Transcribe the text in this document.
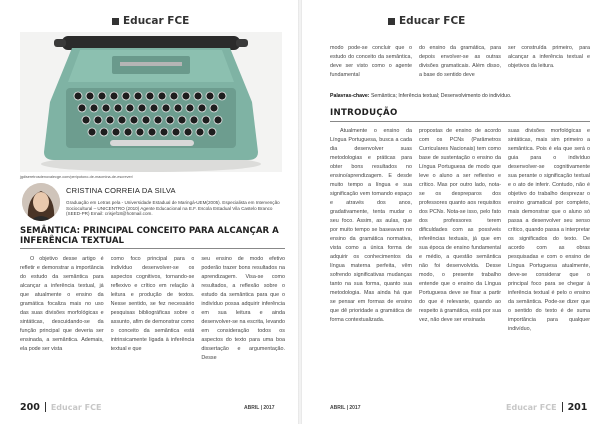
Educar FCE
jgdiseretrosdenovalecge.com/peripotono-de-macmina-de-escrever/
CRISTINA CORREIA DA SILVA
Graduação em Letras pela - Universidade Estadual de Maringá-UEM(2005). Especialista em Intervenção Sociocultural – UNICENTRO (2010) Agente Educacional na E.F. Escola Estadual Vila Castelo Branco (SEED-PR) Email: crisjef18@hotmail.com.
SEMÂNTICA: PRINCIPAL CONCEITO PARA ALCANÇAR A INFERÊNCIA TEXTUAL

O objetivo desse artigo é refletir e demonstrar a importância do estudo da semântica para alcançar a inferência textual, já que atualmente o ensino da gramática focaliza mais no uso das suas divisões morfológicas e sintáticas, descuidando-se da função principal que deveria ser ensinada, a semântica. Ademais, ela pode ser vista

como foco principal para o indivíduo desenvolver-se os aspectos cognitivos, tornando-se reflexivo e crítico em relação à leitura e produção de textos. Nesse sentido, se fez necessário pesquisas bibliográficas sobre o assunto, afim de demonstrar como o conceito da semântica está intrinsicamente ligada à inferência textual e que

seu ensino de modo efetivo poderão trazer bons resultados na aprendizagem. Visa-se como resultados, a reflexão sobre o estudo da semântica para que o indivíduo possa adquirir inferência em sua leitura e ainda desenvolver-se na escrita, levando em consideração todos os aspectos do texto para uma boa dissertação e argumentação. Desse

200 Educar FCE	ABRIL | 2017
Educar FCE

modo pode-se concluir que o estudo do conceito da semântica, deve ser visto como o agente fundamental

do ensino da gramática, para depois envolver-se as outras divisões gramaticais. Além disso, a base do sentido deve

ser construída primeiro, para alcançar a inferência textual e objetivos da leitura.

Palavras-chave: Semântica; Inferência textual; Desenvolvimento do indivíduo.
INTRODUÇÃO

Atualmente o ensino da Língua Portuguesa, busca a cada dia desenvolver suas metodologias e práticas para obter bons resultados no ensino/aprendizagem. E desde muito tempo a língua e sua significação vem tomando espaço e através dos anos, gradativamente, tenta mudar o seu foco. Assim, as aulas, que por muito tempo se baseavam no ensino da gramática normativa, vista como a única forma de adquirir os conhecimentos da língua materna perfeita, vêm sofrendo significativas mudanças tanto na sua forma, quanto sua metodologia. Mas ainda há que se pensar em formas de ensino que dê prioridade a gramática de forma contextualizada.

propostas de ensino de acordo com os PCNs (Parâmetros Curriculares Nacionais) tem como base de sustentação o ensino da Língua Portuguesa de modo que leve o aluno a ser reflexivo e crítico. Mas por outro lado, nota-se os despreparos dos professores quanto aos requisitos dos PCNs. Nota-se isso, pelo fato dos professores terem dificuldades com as possíveis inferências textuais, já que em sua época de ensino fundamental e médio, a questão semântica não foi desenvolvida. Desse modo, o presente trabalho entende que o ensino da Língua Portuguesa deve se fixar a partir do que é relevante, quando ao respeito à gramática, está por sua vez, não deve ser ensinada

suas divisões morfológicas e sintáticas, mais sim primeiro a semântica. Pois é ela que será o guia para o indivíduo desenvolver-se cognitivamente sua perante o significação textual e o ato de inferir. Contudo, não é objetivo do trabalho desprezar o ensino gramatical por completo, mais demonstrar que o aluno só passa a desenvolver seu senso crítico, quando passa a interpretar os significados do texto. De acordo com as obras pesquisadas e com o ensino de Língua Portuguesa atualmente, deve-se considerar que o principal foco para se chegar à inferência textual é pelo o ensino da semântica. Pode-se dizer que o sentido do texto é de suma importância para qualquer indivíduo,

ABRIL | 2017	Educar FCE 201
